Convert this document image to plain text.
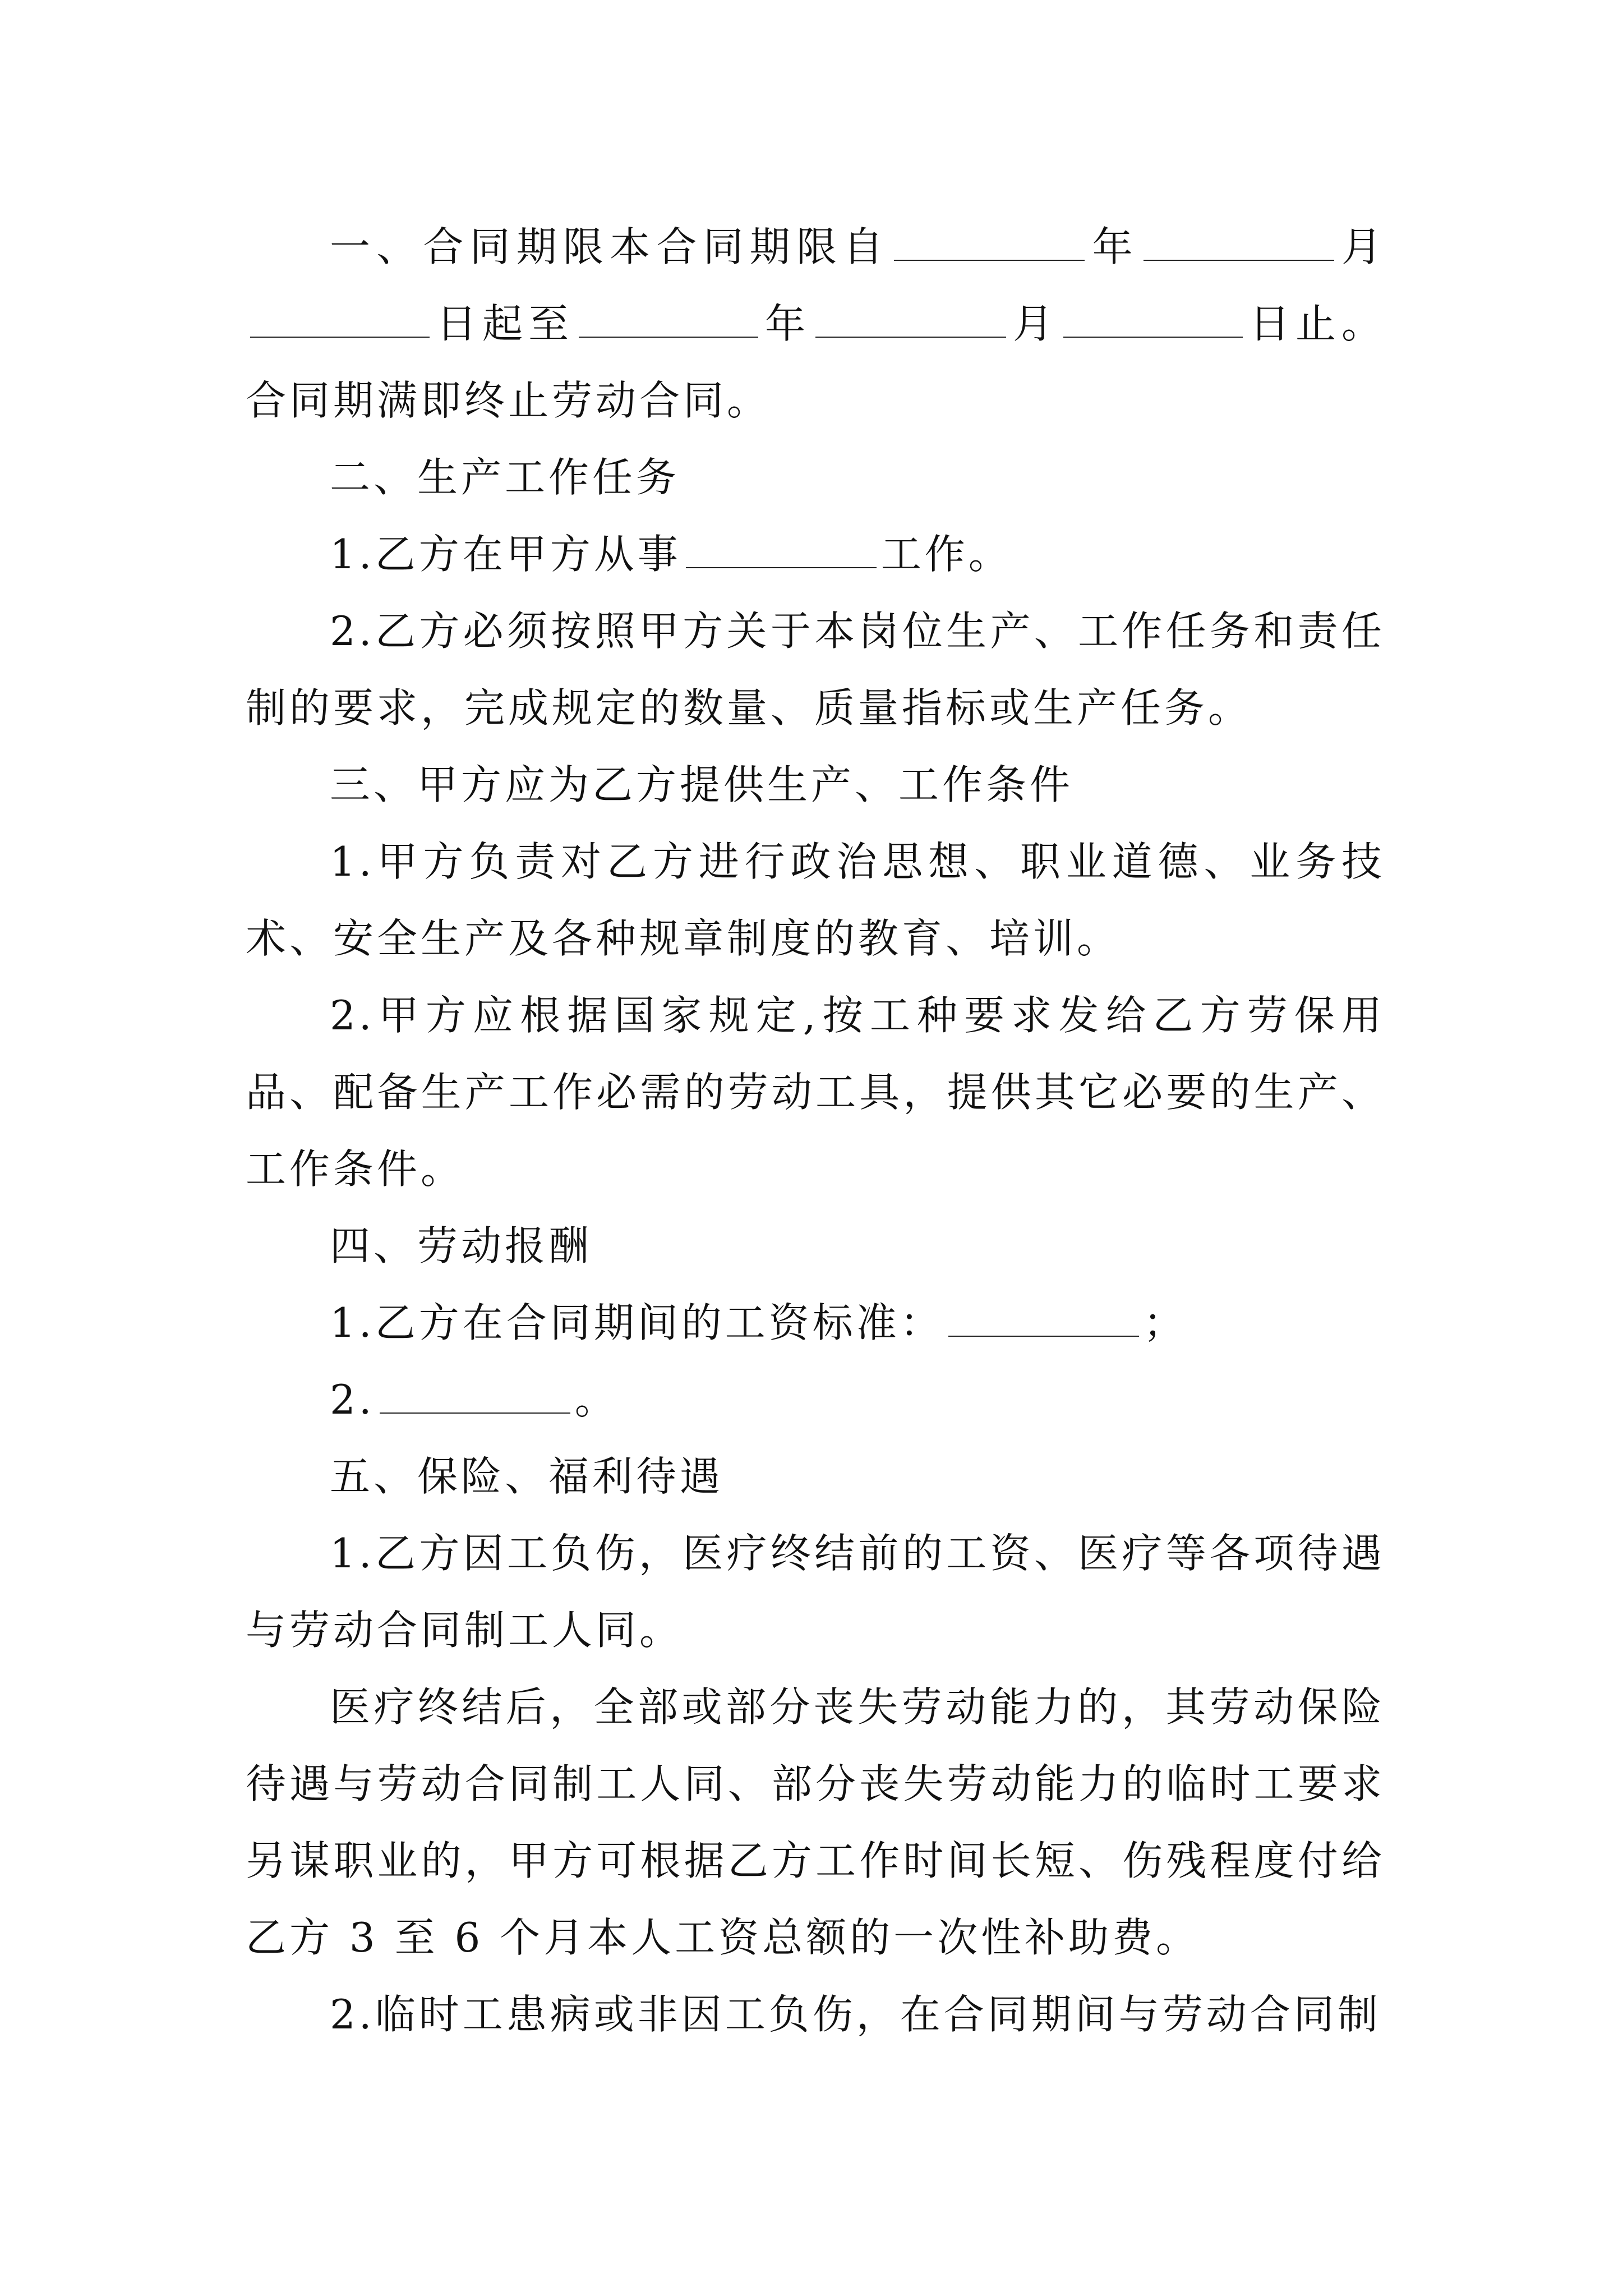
一、合同期限本合同期限自	年	月日起至	年	月	日止。合同期满即终止劳动合同。

二、生产工作任务

1.乙方在甲方从事	工作。

2.乙方必须按照甲方关于本岗位生产、工作任务和责任制的要求，完成规定的数量、质量指标或生产任务。

三、甲方应为乙方提供生产、工作条件

1.甲方负责对乙方进行政治思想、职业道德、业务技术、安全生产及各种规章制度的教育、培训。

2.甲方应根据国家规定,按工种要求发给乙方劳保用品、配备生产工作必需的劳动工具，提供其它必要的生产、工作条件。

四、劳动报酬

1.乙方在合同期间的工资标准：	；

2.	。

五、保险、福利待遇

1.乙方因工负伤，医疗终结前的工资、医疗等各项待遇与劳动合同制工人同。

医疗终结后，全部或部分丧失劳动能力的，其劳动保险待遇与劳动合同制工人同、部分丧失劳动能力的临时工要求另谋职业的，甲方可根据乙方工作时间长短、伤残程度付给乙方 3 至 6 个月本人工资总额的一次性补助费。

2.临时工患病或非因工负伤，在合同期间与劳动合同制
